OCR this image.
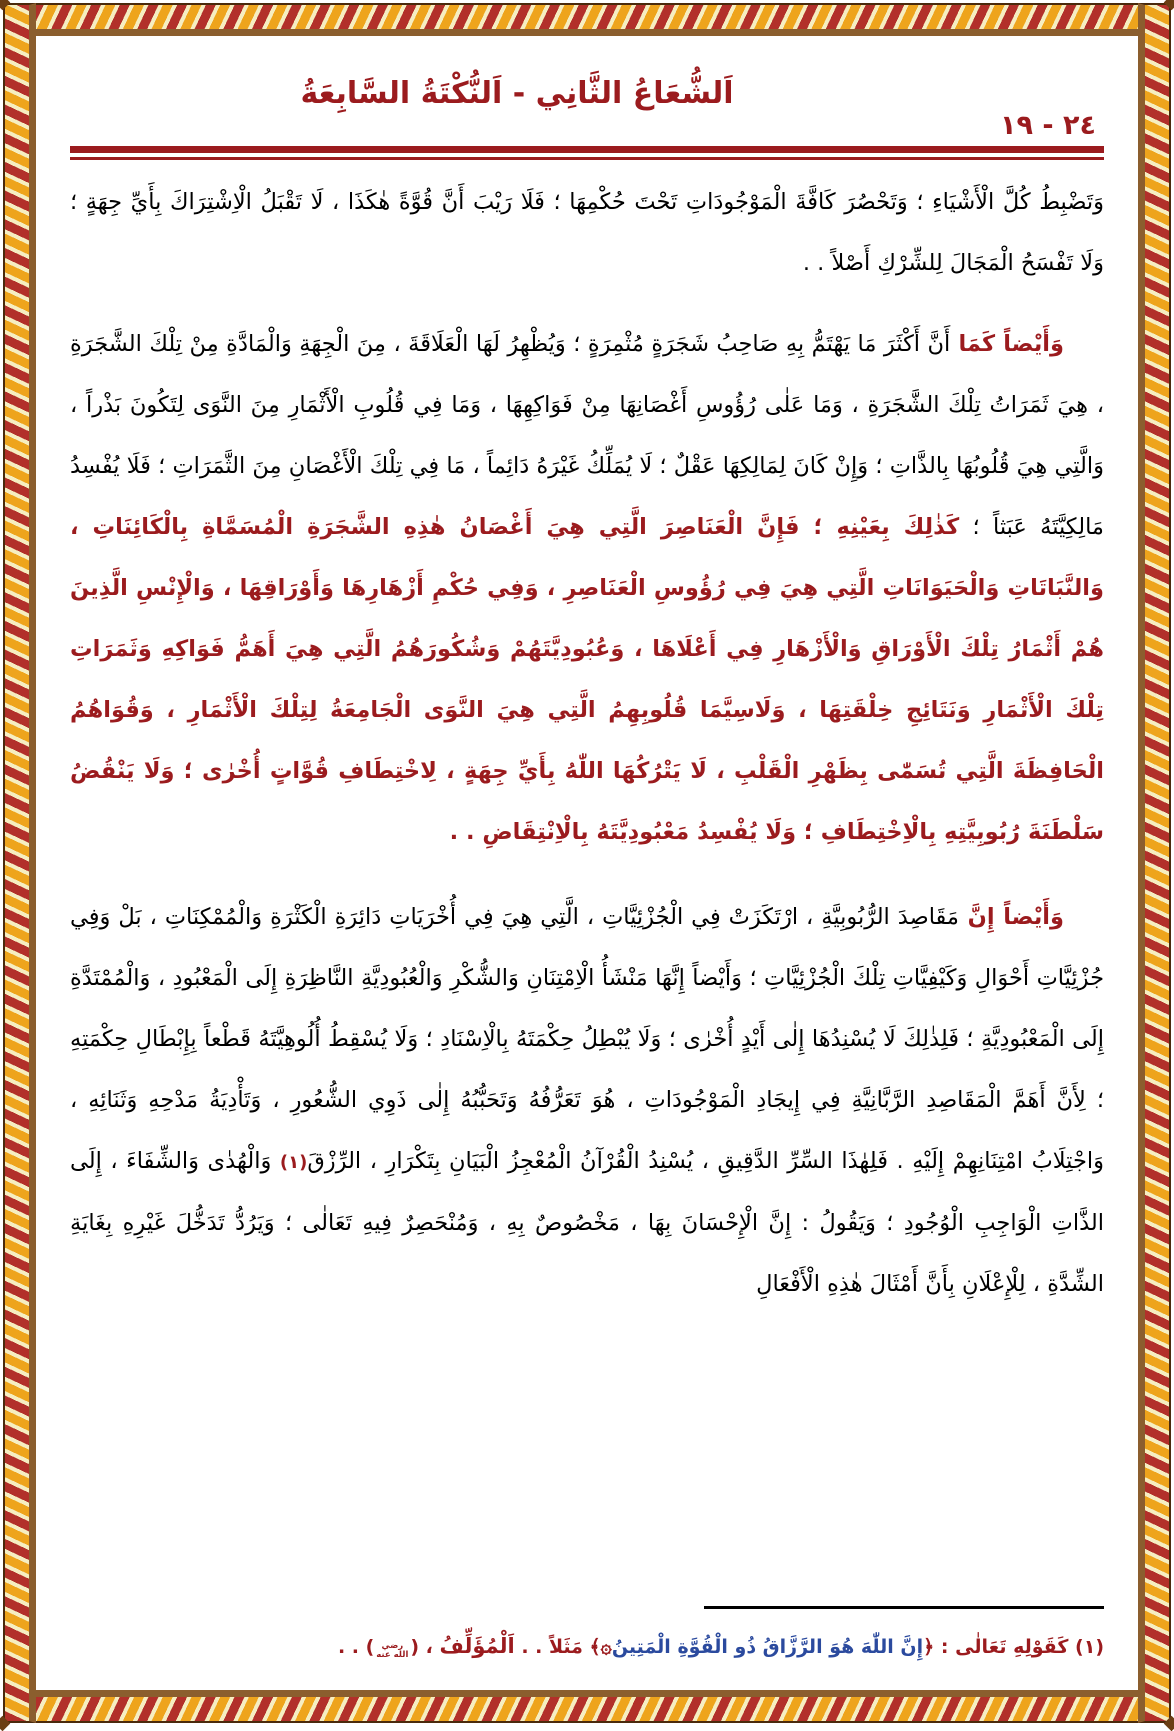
اَلشُّعَاعُ الثَّانِي - اَلنُّكْتَةُ السَّابِعَةُ
٢٤ - ١٩

وَتَضْبِطُ كُلَّ الْأَشْيَاءِ ؛ وَتَحْصُرَ كَافَّةَ الْمَوْجُودَاتِ تَحْتَ حُكْمِهَا ؛ فَلَا رَيْبَ أَنَّ قُوَّةً هٰكَذَا ، لَا تَقْبَلُ الْاِشْتِرَاكَ بِأَيِّ جِهَةٍ ؛ وَلَا تَفْسَحُ الْمَجَالَ لِلشِّرْكِ أَصْلاً . .

وَأَيْضاً كَمَا أَنَّ أَكْثَرَ مَا يَهْتَمُّ بِهِ صَاحِبُ شَجَرَةٍ مُثْمِرَةٍ ؛ وَيُظْهِرُ لَهَا الْعَلَاقَةَ ، مِنَ الْجِهَةِ وَالْمَادَّةِ مِنْ تِلْكَ الشَّجَرَةِ ، هِيَ ثَمَرَاتُ تِلْكَ الشَّجَرَةِ ، وَمَا عَلٰى رُؤُوسِ أَغْصَانِهَا مِنْ فَوَاكِهِهَا ، وَمَا فِي قُلُوبِ الْأَثْمَارِ مِنَ النَّوَى لِتَكُونَ بَذْراً ، وَالَّتِي هِيَ قُلُوبُهَا بِالذَّاتِ ؛ وَإِنْ كَانَ لِمَالِكِهَا عَقْلٌ ؛ لَا يُمَلِّكُ غَيْرَهُ دَائِماً ، مَا فِي تِلْكَ الْأَغْصَانِ مِنَ الثَّمَرَاتِ ؛ فَلَا يُفْسِدُ مَالِكِيَّتَهُ عَبَثاً ؛ كَذٰلِكَ بِعَيْنِهِ ؛ فَإِنَّ الْعَنَاصِرَ الَّتِي هِيَ أَغْصَانُ هٰذِهِ الشَّجَرَةِ الْمُسَمَّاةِ بِالْكَائِنَاتِ ، وَالنَّبَاتَاتِ وَالْحَيَوَانَاتِ الَّتِي هِيَ فِي رُؤُوسِ الْعَنَاصِرِ ، وَفِي حُكْمِ أَزْهَارِهَا وَأَوْرَاقِهَا ، وَالْإِنْسِ الَّذِينَ هُمْ أَثْمَارُ تِلْكَ الْأَوْرَاقِ وَالْأَزْهَارِ فِي أَعْلَاهَا ، وَعُبُودِيَّتَهُمْ وَشُكُورَهُمُ الَّتِي هِيَ أَهَمُّ فَوَاكِهِ وَثَمَرَاتِ تِلْكَ الْأَثْمَارِ وَنَتَائِجِ خِلْقَتِهَا ، وَلَاسِيَّمَا قُلُوبِهِمُ الَّتِي هِيَ النَّوَى الْجَامِعَةُ لِتِلْكَ الْأَثْمَارِ ، وَقُوَاهُمُ الْحَافِظَةَ الَّتِي تُسَمّٰى بِظَهْرِ الْقَلْبِ ، لَا يَتْرُكُهَا اللّٰهُ بِأَيِّ جِهَةٍ ، لِاخْتِطَافِ قُوَّاتٍ أُخْرٰى ؛ وَلَا يَنْقُضُ سَلْطَنَةَ رُبُوبِيَّتِهِ بِالْاِخْتِطَافِ ؛ وَلَا يُفْسِدُ مَعْبُودِيَّتَهُ بِالْاِنْتِقَاضِ . .

وَأَيْضاً إِنَّ مَقَاصِدَ الرُّبُوبِيَّةِ ، ارْتَكَزَتْ فِي الْجُزْئِيَّاتِ ، الَّتِي هِيَ فِي أُخْرَيَاتِ دَائِرَةِ الْكَثْرَةِ وَالْمُمْكِنَاتِ ، بَلْ وَفِي جُزْئِيَّاتِ أَحْوَالِ وَكَيْفِيَّاتِ تِلْكَ الْجُزْئِيَّاتِ ؛ وَأَيْضاً إِنَّهَا مَنْشَأُ الْاِمْتِنَانِ وَالشُّكْرِ وَالْعُبُودِيَّةِ النَّاظِرَةِ إِلَى الْمَعْبُودِ ، وَالْمُمْتَدَّةِ إِلَى الْمَعْبُودِيَّةِ ؛ فَلِذٰلِكَ لَا يُسْنِدُهَا إِلٰى أَيْدٍ أُخْرٰى ؛ وَلَا يُبْطِلُ حِكْمَتَهُ بِالْاِسْنَادِ ؛ وَلَا يُسْقِطُ أُلُوهِيَّتَهُ قَطْعاً بِإِبْطَالِ حِكْمَتِهِ ؛ لِأَنَّ أَهَمَّ الْمَقَاصِدِ الرَّبَّانِيَّةِ فِي إِيجَادِ الْمَوْجُودَاتِ ، هُوَ تَعَرُّفُهُ وَتَحَبُّبُهُ إِلٰى ذَوِي الشُّعُورِ ، وَتَأْدِيَةُ مَدْحِهِ وَثَنَائِهِ ، وَاجْتِلَابُ امْتِنَانِهِمْ إِلَيْهِ . فَلِهٰذَا السِّرِّ الدَّقِيقِ ، يُسْنِدُ الْقُرْآنُ الْمُعْجِزُ الْبَيَانِ بِتَكْرَارِ ، الرِّزْقَ(١) وَالْهُدٰى وَالشِّفَاءَ ، إِلَى الذَّاتِ الْوَاجِبِ الْوُجُودِ ؛ وَيَقُولُ : إِنَّ الْإِحْسَانَ بِهَا ، مَخْصُوصٌ بِهِ ، وَمُنْحَصِرٌ فِيهِ تَعَالٰى ؛ وَيَرُدُّ تَدَخُّلَ غَيْرِهِ بِغَايَةِ الشِّدَّةِ ، لِلْإِعْلَانِ بِأَنَّ أَمْثَالَ هٰذِهِ الْأَفْعَالِ

(١) كَقَوْلِهِ تَعَالٰى : ﴿إِنَّ اللّٰهَ هُوَ الرَّزَّاقُ ذُو الْقُوَّةِ الْمَتِينُ۞﴾ مَثَلاً . . اَلْمُؤَلِّفُ ، (رضي الله عنه) . .
